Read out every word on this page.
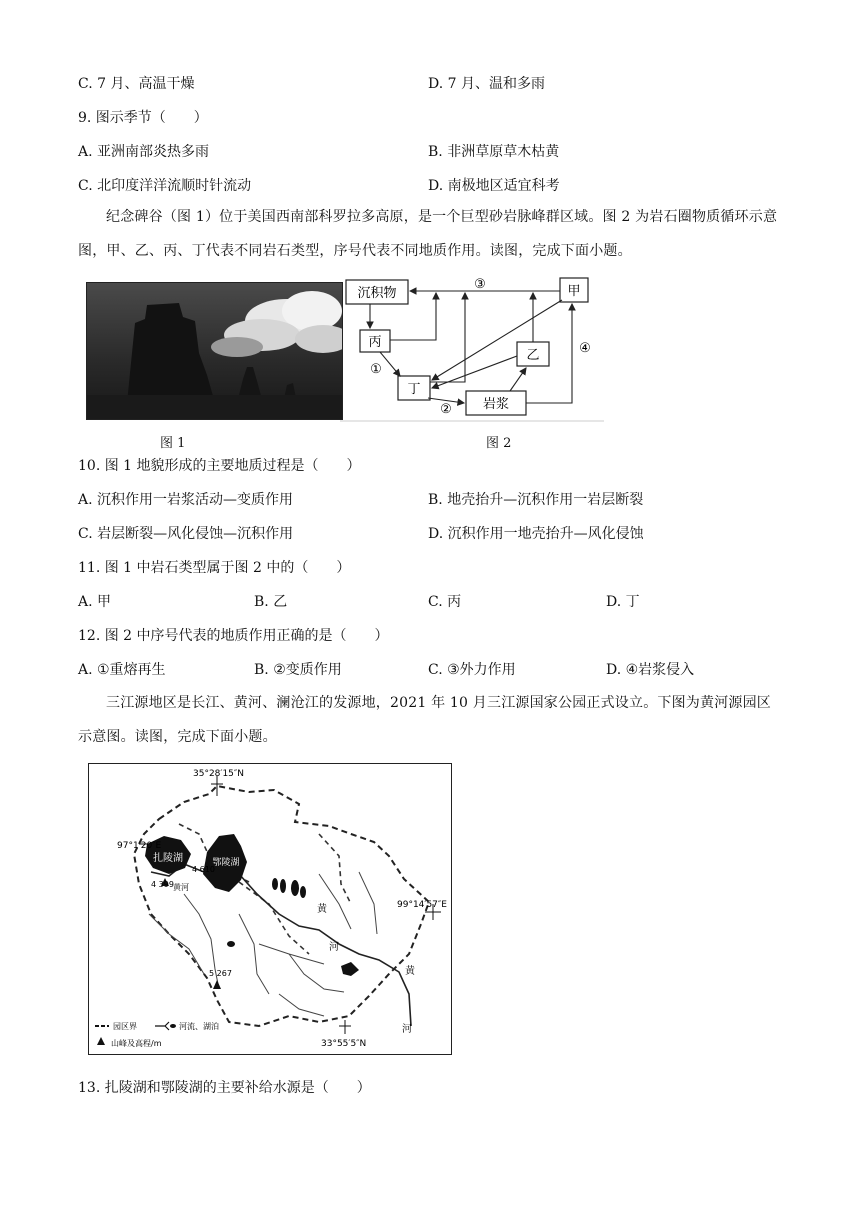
C. 7 月、高温干燥	D. 7 月、温和多雨
9. 图示季节（　　）
A. 亚洲南部炎热多雨	B. 非洲草原草木枯黄
C. 北印度洋洋流顺时针流动	D. 南极地区适宜科考
纪念碑谷（图 1）位于美国西南部科罗拉多高原，是一个巨型砂岩脉峰群区域。图 2 为岩石圈物质循环示意图，甲、乙、丙、丁代表不同岩石类型，序号代表不同地质作用。读图，完成下面小题。
图 1
沉积物	甲
丙
乙
丁
岩浆
③
①
②
④
图 2
10. 图 1 地貌形成的主要地质过程是（　　）
A. 沉积作用一岩浆活动—变质作用	B. 地壳抬升—沉积作用一岩层断裂
C. 岩层断裂—风化侵蚀—沉积作用	D. 沉积作用一地壳抬升—风化侵蚀
11. 图 1 中岩石类型属于图 2 中的（　　）
A. 甲	B. 乙	C. 丙	D. 丁
12. 图 2 中序号代表的地质作用正确的是（　　）
A. ①重熔再生	B. ②变质作用	C. ③外力作用	D. ④岩浆侵入
三江源地区是长江、黄河、澜沧江的发源地，2021 年 10 月三江源国家公园正式设立。下图为黄河源园区示意图。读图，完成下面小题。
扎陵湖	鄂陵湖
4 610
4 399
5 267
黄河
黄
河
黄
河
35°28′15″N
97°1′20″E
99°14′57″E
33°55′5″N
园区界	河流、湖泊
山峰及高程/m
13. 扎陵湖和鄂陵湖的主要补给水源是（　　）
